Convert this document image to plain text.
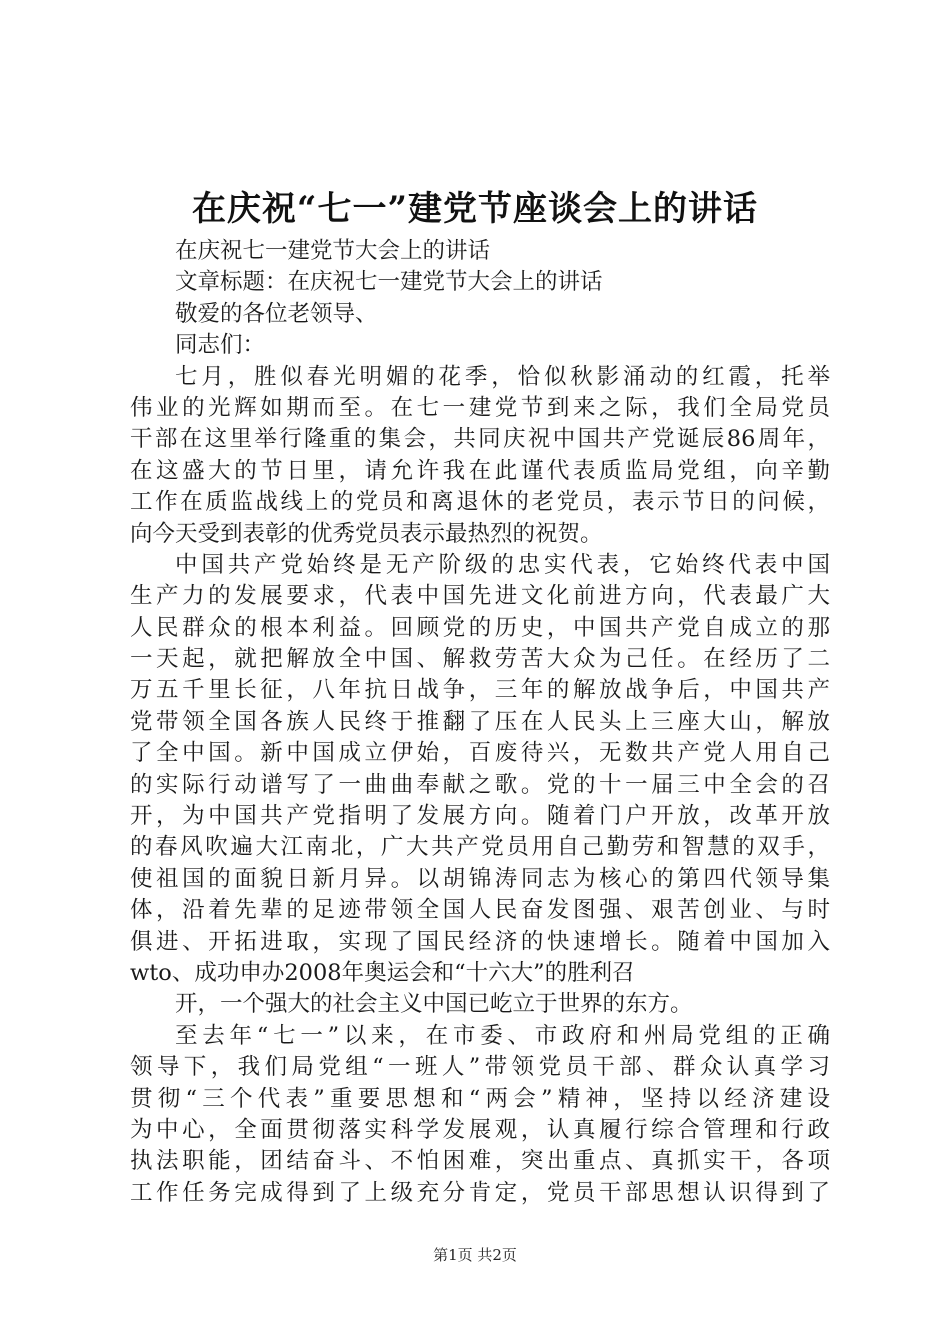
在庆祝“七一”建党节座谈会上的讲话
在庆祝七一建党节大会上的讲话
文章标题：在庆祝七一建党节大会上的讲话
敬爱的各位老领导、
同志们：
七月，胜似春光明媚的花季，恰似秋影涌动的红霞，托举
伟业的光辉如期而至。在七一建党节到来之际，我们全局党员
干部在这里举行隆重的集会，共同庆祝中国共产党诞辰86周年，
在这盛大的节日里，请允许我在此谨代表质监局党组，向辛勤
工作在质监战线上的党员和离退休的老党员，表示节日的问候，
向今天受到表彰的优秀党员表示最热烈的祝贺。
中国共产党始终是无产阶级的忠实代表，它始终代表中国
生产力的发展要求，代表中国先进文化前进方向，代表最广大
人民群众的根本利益。回顾党的历史，中国共产党自成立的那
一天起，就把解放全中国、解救劳苦大众为己任。在经历了二
万五千里长征，八年抗日战争，三年的解放战争后，中国共产
党带领全国各族人民终于推翻了压在人民头上三座大山，解放
了全中国。新中国成立伊始，百废待兴，无数共产党人用自己
的实际行动谱写了一曲曲奉献之歌。党的十一届三中全会的召
开，为中国共产党指明了发展方向。随着门户开放，改革开放
的春风吹遍大江南北，广大共产党员用自己勤劳和智慧的双手，
使祖国的面貌日新月异。以胡锦涛同志为核心的第四代领导集
体，沿着先辈的足迹带领全国人民奋发图强、艰苦创业、与时
俱进、开拓进取，实现了国民经济的快速增长。随着中国加入
wto、成功申办2008年奥运会和“十六大”的胜利召
开，一个强大的社会主义中国已屹立于世界的东方。
至去年“七一”以来，在市委、市政府和州局党组的正确
领导下，我们局党组“一班人”带领党员干部、群众认真学习
贯彻“三个代表”重要思想和“两会”精神，坚持以经济建设
为中心，全面贯彻落实科学发展观，认真履行综合管理和行政
执法职能，团结奋斗、不怕困难，突出重点、真抓实干，各项
工作任务完成得到了上级充分肯定，党员干部思想认识得到了
第1页 共2页
